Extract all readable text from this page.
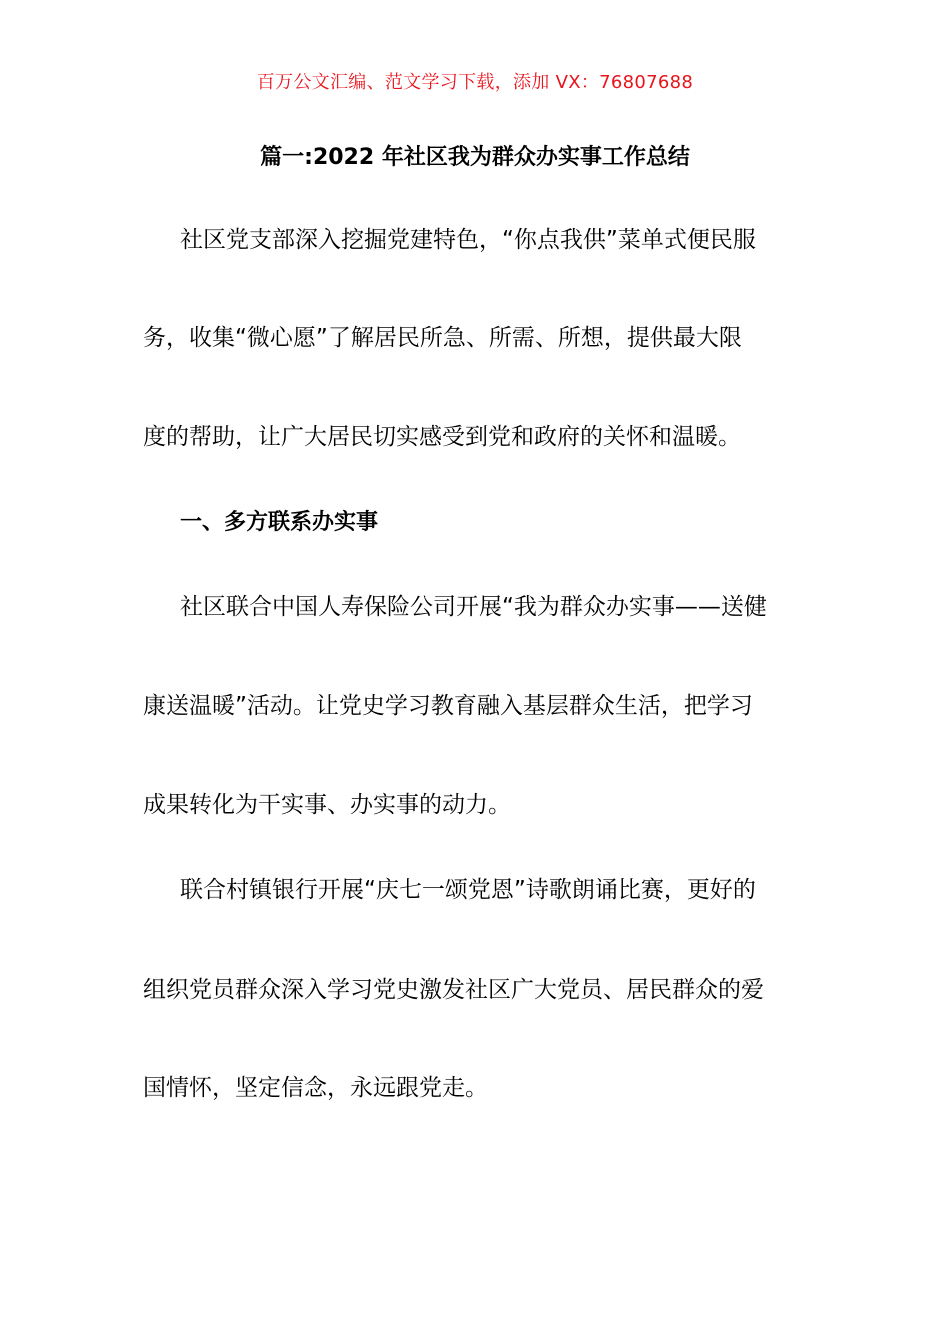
百万公文汇编、范文学习下载，添加 VX：76807688
篇一:2022 年社区我为群众办实事工作总结
社区党支部深入挖掘党建特色，“你点我供”菜单式便民服
务，收集“微心愿”了解居民所急、所需、所想，提供最大限
度的帮助，让广大居民切实感受到党和政府的关怀和温暖。
一、多方联系办实事
社区联合中国人寿保险公司开展“我为群众办实事——送健
康送温暖”活动。让党史学习教育融入基层群众生活，把学习
成果转化为干实事、办实事的动力。
联合村镇银行开展“庆七一颂党恩”诗歌朗诵比赛，更好的
组织党员群众深入学习党史激发社区广大党员、居民群众的爱
国情怀，坚定信念，永远跟党走。
